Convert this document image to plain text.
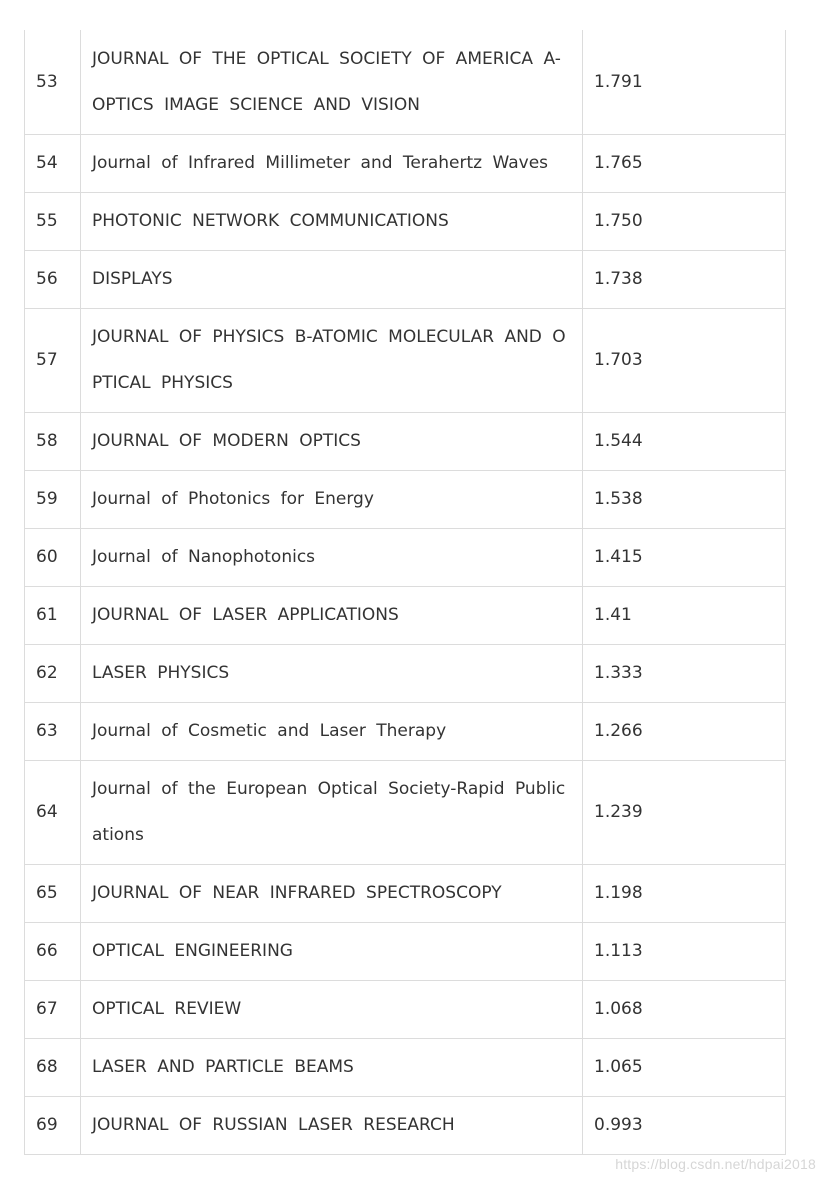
53	JOURNAL OF THE OPTICAL SOCIETY OF AMERICA A-OPTICS IMAGE SCIENCE AND VISION	1.791
54	Journal of Infrared Millimeter and Terahertz Waves	1.765
55	PHOTONIC NETWORK COMMUNICATIONS	1.750
56	DISPLAYS	1.738
57	JOURNAL OF PHYSICS B-ATOMIC MOLECULAR AND OPTICAL PHYSICS	1.703
58	JOURNAL OF MODERN OPTICS	1.544
59	Journal of Photonics for Energy	1.538
60	Journal of Nanophotonics	1.415
61	JOURNAL OF LASER APPLICATIONS	1.41
62	LASER PHYSICS	1.333
63	Journal of Cosmetic and Laser Therapy	1.266
64	Journal of the European Optical Society-Rapid Publications	1.239
65	JOURNAL OF NEAR INFRARED SPECTROSCOPY	1.198
66	OPTICAL ENGINEERING	1.113
67	OPTICAL REVIEW	1.068
68	LASER AND PARTICLE BEAMS	1.065
69	JOURNAL OF RUSSIAN LASER RESEARCH	0.993
https://blog.csdn.net/hdpai2018
